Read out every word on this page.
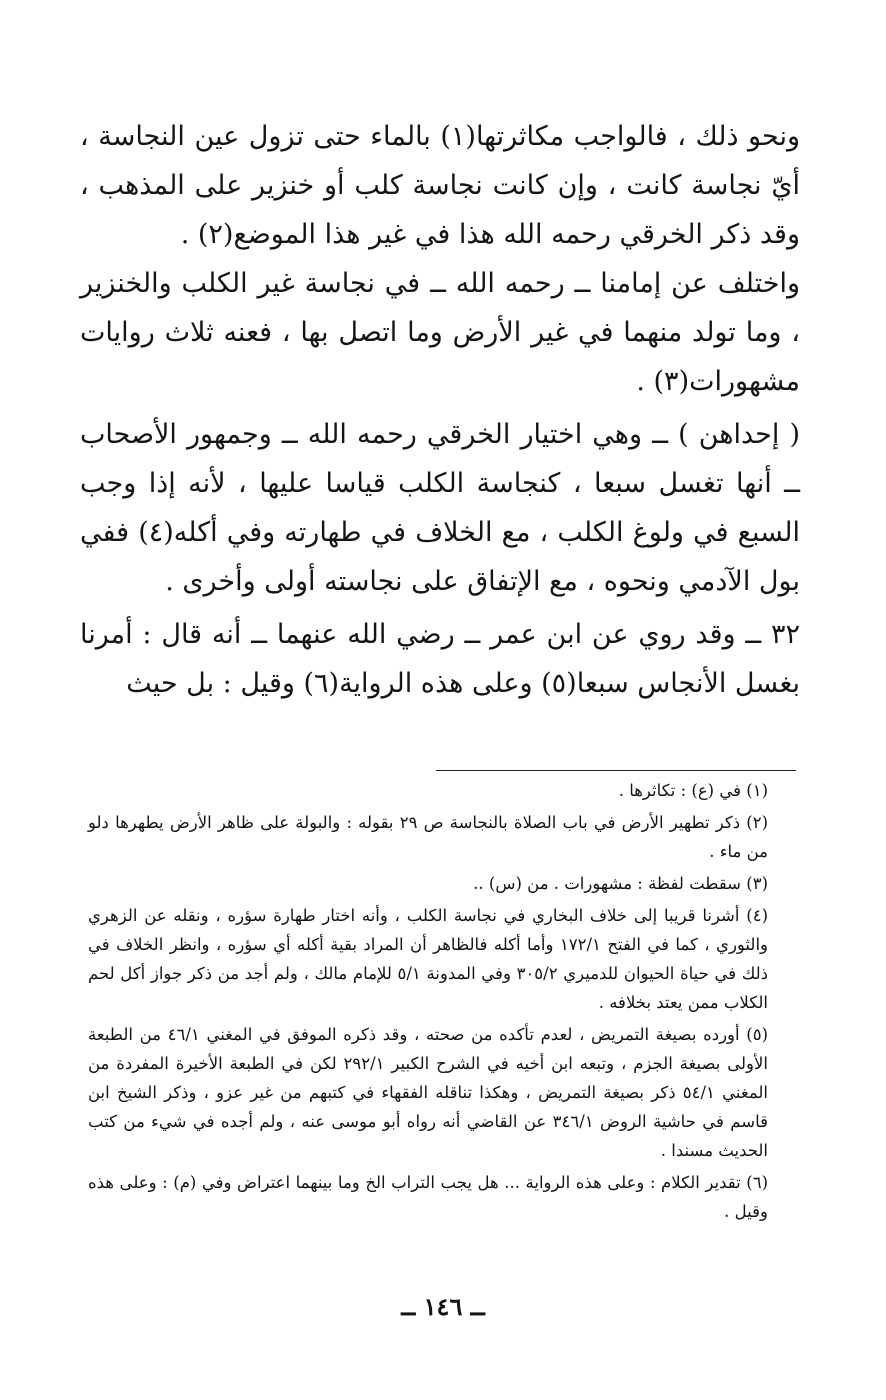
ونحو ذلك ، فالواجب مكاثرتها(١) بالماء حتى تزول عين النجاسة ، أيّ نجاسة كانت ، وإن كانت نجاسة كلب أو خنزير على المذهب ، وقد ذكر الخرقي رحمه الله هذا في غير هذا الموضع(٢) .

واختلف عن إمامنا ــ رحمه الله ــ في نجاسة غير الكلب والخنزير ، وما تولد منهما في غير الأرض وما اتصل بها ، فعنه ثلاث روايات مشهورات(٣) .

( إحداهن ) ــ وهي اختيار الخرقي رحمه الله ــ وجمهور الأصحاب ــ أنها تغسل سبعا ، كنجاسة الكلب قياسا عليها ، لأنه إذا وجب السبع في ولوغ الكلب ، مع الخلاف في طهارته وفي أكله(٤) ففي بول الآدمي ونحوه ، مع الإتفاق على نجاسته أولى وأخرى .

٣٢ ــ وقد روي عن ابن عمر ــ رضي الله عنهما ــ أنه قال : أمرنا بغسل الأنجاس سبعا(٥) وعلى هذه الرواية(٦) وقيل : بل حيث

(١) في (ع) : تكاثرها .

(٢) ذكر تطهير الأرض في باب الصلاة بالنجاسة ص ٢٩ بقوله : والبولة على ظاهر الأرض يطهرها دلو من ماء .

(٣) سقطت لفظة : مشهورات . من (س) ..

(٤) أشرنا قريبا إلى خلاف البخاري في نجاسة الكلب ، وأنه اختار طهارة سؤره ، ونقله عن الزهري والثوري ، كما في الفتح ١٧٢/١ وأما أكله فالظاهر أن المراد بقية أكله أي سؤره ، وانظر الخلاف في ذلك في حياة الحيوان للدميري ٣٠٥/٢ وفي المدونة ٥/١ للإمام مالك ، ولم أجد من ذكر جواز أكل لحم الكلاب ممن يعتد بخلافه .

(٥) أورده بصيغة التمريض ، لعدم تأكده من صحته ، وقد ذكره الموفق في المغني ٤٦/١ من الطبعة الأولى بصيغة الجزم ، وتبعه ابن أخيه في الشرح الكبير ٢٩٢/١ لكن في الطبعة الأخيرة المفردة من المغني ٥٤/١ ذكر بصيغة التمريض ، وهكذا تناقله الفقهاء في كتبهم من غير عزو ، وذكر الشيخ ابن قاسم في حاشية الروض ٣٤٦/١ عن القاضي أنه رواه أبو موسى عنه ، ولم أجده في شيء من كتب الحديث مسندا .

(٦) تقدير الكلام : وعلى هذه الرواية ... هل يجب التراب الخ وما بينهما اعتراض وفي (م) : وعلى هذه وقيل .

ــ ١٤٦ ــ
